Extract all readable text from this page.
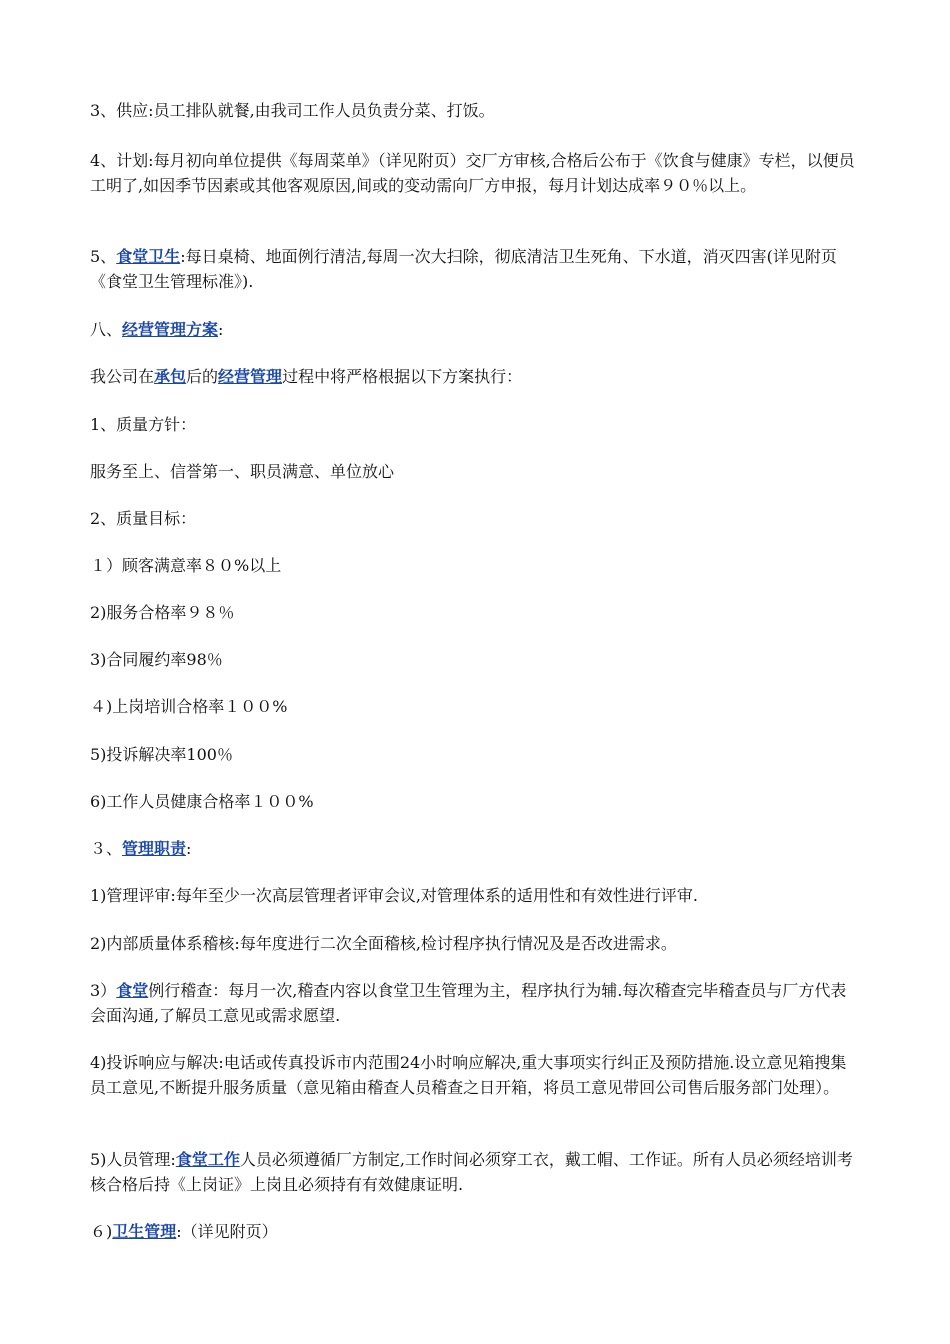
3、供应:员工排队就餐,由我司工作人员负责分菜、打饭。

4、计划:每月初向单位提供《每周菜单》（详见附页）交厂方审核,合格后公布于《饮食与健康》专栏，以便员工明了,如因季节因素或其他客观原因,间或的变动需向厂方申报，每月计划达成率９０％以上。

5、食堂卫生:每日桌椅、地面例行清洁,每周一次大扫除，彻底清洁卫生死角、下水道，消灭四害(详见附页《食堂卫生管理标准》).

八、经营管理方案:

我公司在承包后的经营管理过程中将严格根据以下方案执行：

1、质量方针：

服务至上、信誉第一、职员满意、单位放心

2、质量目标：

１）顾客满意率８０%以上

2)服务合格率９８％

3)合同履约率98％

４)上岗培训合格率１００%

5)投诉解决率100％

6)工作人员健康合格率１００%

３、管理职责:

1)管理评审:每年至少一次高层管理者评审会议,对管理体系的适用性和有效性进行评审.

2)内部质量体系稽核:每年度进行二次全面稽核,检讨程序执行情况及是否改进需求。

3）食堂例行稽查：每月一次,稽查内容以食堂卫生管理为主，程序执行为辅.每次稽查完毕稽查员与厂方代表会面沟通,了解员工意见或需求愿望.

4)投诉响应与解决:电话或传真投诉市内范围24小时响应解决,重大事项实行纠正及预防措施.设立意见箱搜集员工意见,不断提升服务质量（意见箱由稽查人员稽查之日开箱，将员工意见带回公司售后服务部门处理）。

5)人员管理:食堂工作人员必须遵循厂方制定,工作时间必须穿工衣，戴工帽、工作证。所有人员必须经培训考核合格后持《上岗证》上岗且必须持有有效健康证明.

６)卫生管理:（详见附页）
